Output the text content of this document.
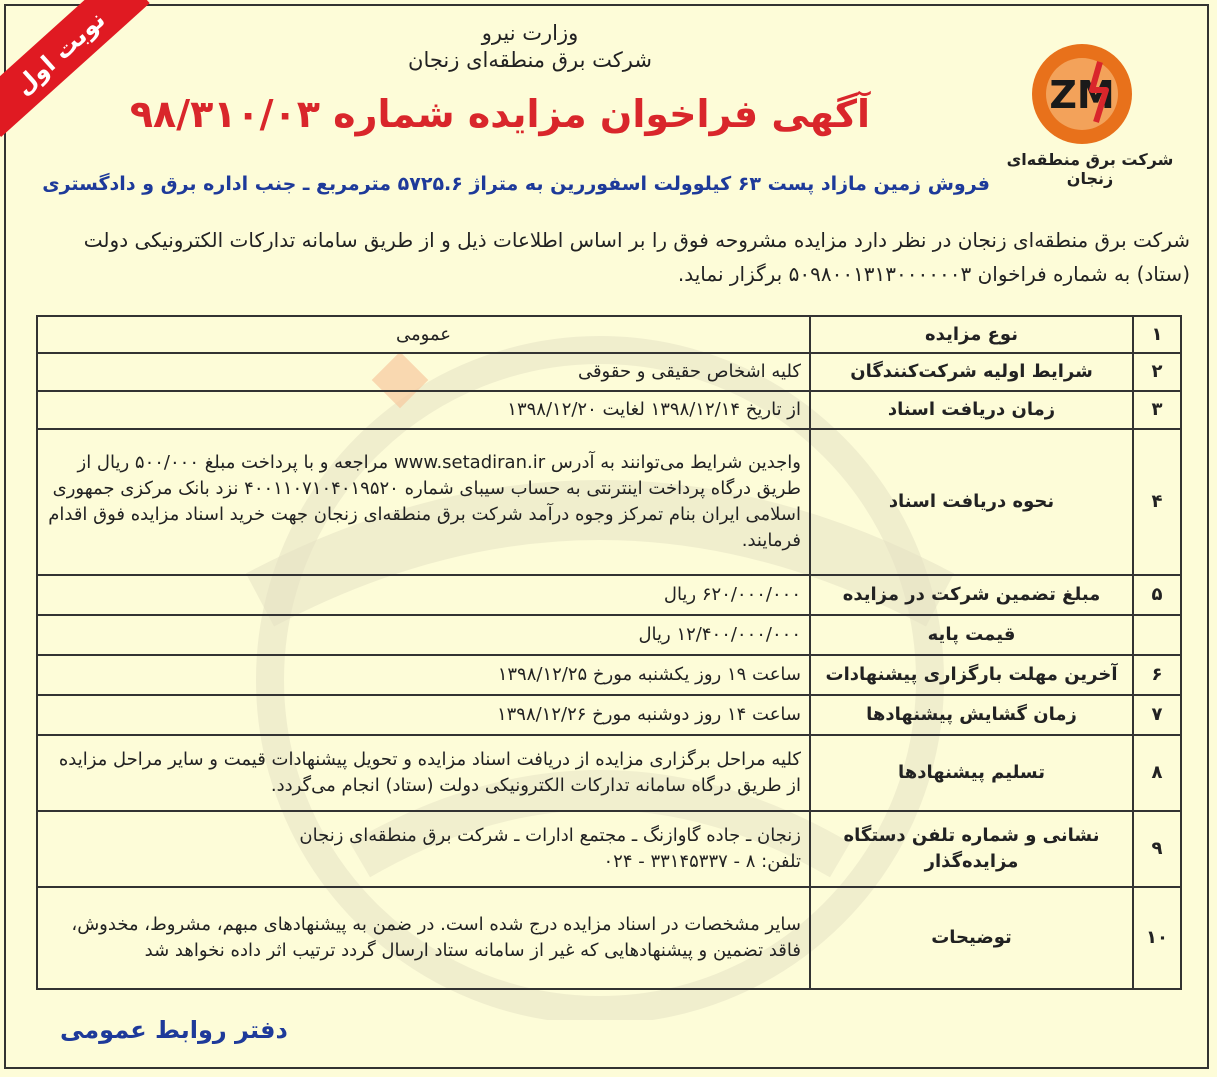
نوبت اول	وزارت نیرو
شرکت برق منطقه‌ای زنجان
ZM
شرکت برق منطقه‌ای زنجان
آگهی فراخوان مزایده شماره ۹۸/۳۱۰/۰۳
فروش زمین مازاد پست ۶۳ کیلوولت اسفوررین به متراژ ۵۷۲۵.۶ مترمربع ـ جنب اداره برق و دادگستری
شرکت برق منطقه‌ای زنجان در نظر دارد مزایده مشروحه فوق را بر اساس اطلاعات ذیل و از طریق سامانه تدارکات الکترونیکی دولت (ستاد) به شماره فراخوان ۵۰۹۸۰۰۱۳۱۳۰۰۰۰۰۰۳ برگزار نماید.
۱	نوع مزایده	عمومی
۲	شرایط اولیه شرکت‌کنندگان	کلیه اشخاص حقیقی و حقوقی
۳	زمان دریافت اسناد	از تاریخ ۱۳۹۸/۱۲/۱۴ لغایت ۱۳۹۸/۱۲/۲۰
۴	نحوه دریافت اسناد	واجدین شرایط می‌توانند به آدرس www.setadiran.ir مراجعه و با پرداخت مبلغ ۵۰۰/۰۰۰ ریال از طریق درگاه پرداخت اینترنتی به حساب سیبای شماره ۴۰۰۱۱۰۷۱۰۴۰۱۹۵۲۰ نزد بانک مرکزی جمهوری اسلامی ایران بنام تمرکز وجوه درآمد شرکت برق منطقه‌ای زنجان جهت خرید اسناد مزایده فوق اقدام فرمایند.
۵	مبلغ تضمین شرکت در مزایده	۶۲۰/۰۰۰/۰۰۰ ریال
	قیمت پایه	۱۲/۴۰۰/۰۰۰/۰۰۰ ریال
۶	آخرین مهلت بارگزاری پیشنهادات	ساعت ۱۹ روز یکشنبه مورخ ۱۳۹۸/۱۲/۲۵
۷	زمان گشایش پیشنهادها	ساعت ۱۴ روز دوشنبه مورخ ۱۳۹۸/۱۲/۲۶
۸	تسلیم پیشنهادها	کلیه مراحل برگزاری مزایده از دریافت اسناد مزایده و تحویل پیشنهادات قیمت و سایر مراحل مزایده از طریق درگاه سامانه تدارکات الکترونیکی دولت (ستاد) انجام می‌گردد.
۹	نشانی و شماره تلفن دستگاه مزایده‌گذار	زنجان ـ جاده گاوازنگ ـ مجتمع ادارات ـ شرکت برق منطقه‌ای زنجان
تلفن: ۸ - ۳۳۱۴۵۳۳۷ - ۰۲۴

۱۰	توضیحات	سایر مشخصات در اسناد مزایده درج شده است. در ضمن به پیشنهادهای مبهم، مشروط، مخدوش، فاقد تضمین و پیشنهادهایی که غیر از سامانه ستاد ارسال گردد ترتیب اثر داده نخواهد شد
دفتر روابط عمومی
